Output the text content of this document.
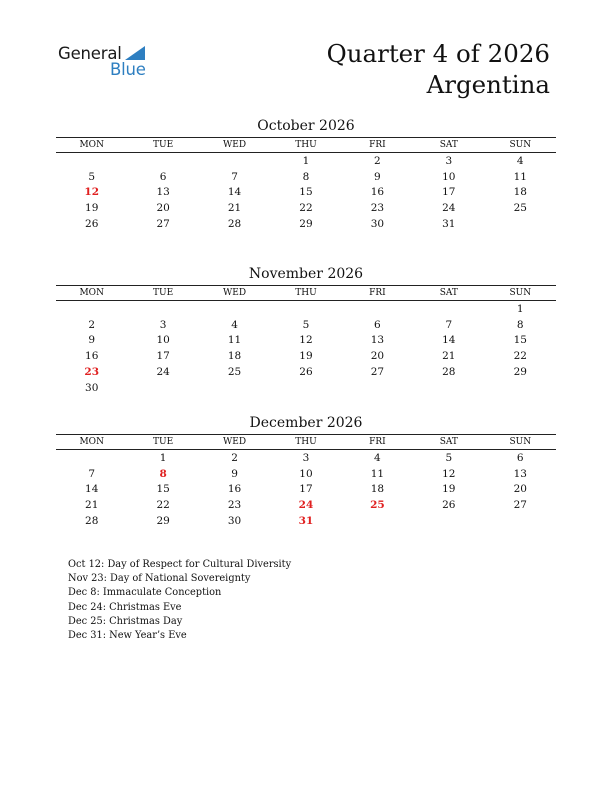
General
Blue
Quarter 4 of 2026
Argentina
October 2026
MON	TUE	WED	THU	FRI	SAT	SUN
			1	2	3	4
5	6	7	8	9	10	11
12	13	14	15	16	17	18
19	20	21	22	23	24	25
26	27	28	29	30	31	
November 2026
MON	TUE	WED	THU	FRI	SAT	SUN
						1
2	3	4	5	6	7	8
9	10	11	12	13	14	15
16	17	18	19	20	21	22
23	24	25	26	27	28	29
30						
December 2026
MON	TUE	WED	THU	FRI	SAT	SUN
	1	2	3	4	5	6
7	8	9	10	11	12	13
14	15	16	17	18	19	20
21	22	23	24	25	26	27
28	29	30	31			
Oct 12: Day of Respect for Cultural Diversity
Nov 23: Day of National Sovereignty
Dec 8: Immaculate Conception
Dec 24: Christmas Eve
Dec 25: Christmas Day
Dec 31: New Year’s Eve
